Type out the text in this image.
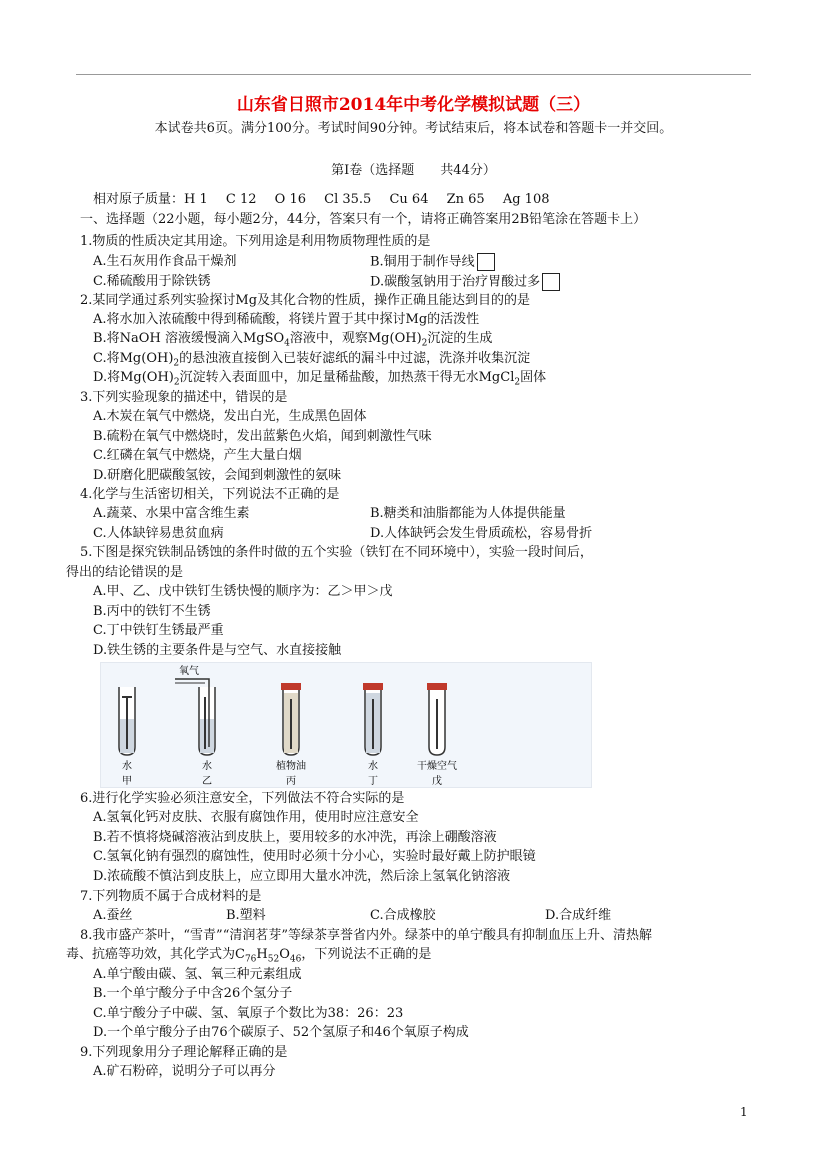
山东省日照市2014年中考化学模拟试题（三）
本试卷共6页。满分100分。考试时间90分钟。考试结束后，将本试卷和答题卡一并交回。
第Ⅰ卷（选择题　　共44分）
相对原子质量：H 1 C 12 O 16 Cl 35.5 Cu 64 Zn 65 Ag 108
一、选择题（22小题，每小题2分，44分，答案只有一个，请将正确答案用2B铅笔涂在答题卡上）
1.物质的性质决定其用途。下列用途是利用物质物理性质的是
A.生石灰用作食品干燥剂	B.铜用于制作导线
C.稀硫酸用于除铁锈	D.碳酸氢钠用于治疗胃酸过多
2.某同学通过系列实验探讨Mg及其化合物的性质，操作正确且能达到目的的是
A.将水加入浓硫酸中得到稀硫酸，将镁片置于其中探讨Mg的活泼性
B.将NaOH 溶液缓慢滴入MgSO$_4$溶液中，观察$Mg(OH)_2$沉淀的生成
C.将$Mg(OH)_2$的悬浊液直接倒入已装好滤纸的漏斗中过滤，洗涤并收集沉淀
D.将$Mg(OH)_2$沉淀转入表面皿中，加足量稀盐酸，加热蒸干得无水MgCl$_2$固体
3.下列实验现象的描述中，错误的是
A.木炭在氧气中燃烧，发出白光，生成黑色固体
B.硫粉在氧气中燃烧时，发出蓝紫色火焰，闻到刺激性气味
C.红磷在氧气中燃烧，产生大量白烟
D.研磨化肥碳酸氢铵，会闻到刺激性的氨味
4.化学与生活密切相关，下列说法不正确的是
A.蔬菜、水果中富含维生素	B.糖类和油脂都能为人体提供能量
C.人体缺锌易患贫血病	D.人体缺钙会发生骨质疏松，容易骨折
5.下图是探究铁制品锈蚀的条件时做的五个实验（铁钉在不同环境中），实验一段时间后，
得出的结论错误的是
A.甲、乙、戊中铁钉生锈快慢的顺序为：乙＞甲＞戊
B.丙中的铁钉不生锈
C.丁中铁钉生锈最严重
D.铁生锈的主要条件是与空气、水直接接触
水
甲
氧气
水
乙
植物油
丙
水
丁
干燥空气
戊
6.进行化学实验必须注意安全，下列做法不符合实际的是
A.氢氧化钙对皮肤、衣服有腐蚀作用，使用时应注意安全
B.若不慎将烧碱溶液沾到皮肤上，要用较多的水冲洗，再涂上硼酸溶液
C.氢氧化钠有强烈的腐蚀性，使用时必须十分小心，实验时最好戴上防护眼镜
D.浓硫酸不慎沾到皮肤上，应立即用大量水冲洗，然后涂上氢氧化钠溶液
7.下列物质不属于合成材料的是
A.蚕丝	B.塑料	C.合成橡胶	D.合成纤维
8.我市盛产茶叶，“雪青”“清润茗芽”等绿茶享誉省内外。绿茶中的单宁酸具有抑制血压上升、清热解
毒、抗癌等功效，其化学式为$C_{76}H_{52}O_{46}$，下列说法不正确的是
A.单宁酸由碳、氢、氧三种元素组成
B.一个单宁酸分子中含26个氢分子
C.单宁酸分子中碳、氢、氧原子个数比为38：26：23
D.一个单宁酸分子由76个碳原子、52个氢原子和46个氧原子构成
9.下列现象用分子理论解释正确的是
A.矿石粉碎，说明分子可以再分
1
